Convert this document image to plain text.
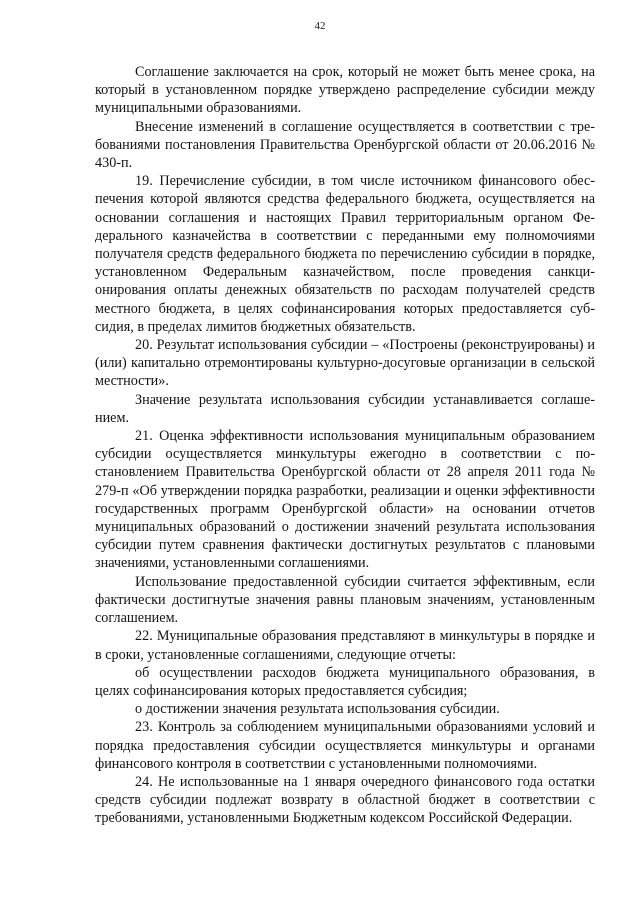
42

Соглашение заключается на срок, который не может быть менее срока, на который в установленном порядке утверждено распределение субсидии между муниципальными образованиями.

Внесение изменений в соглашение осуществляется в соответствии с требованиями постановления Правительства Оренбургской области от 20.06.2016 № 430-п.

19. Перечисление субсидии, в том числе источником финансового обеспечения которой являются средства федерального бюджета, осуществляется на основании соглашения и настоящих Правил территориальным органом Федерального казначейства в соответствии с переданными ему полномочиями получателя средств федерального бюджета по перечислению субсидии в порядке, установленном Федеральным казначейством, после проведения санкционирования оплаты денежных обязательств по расходам получателей средств местного бюджета, в целях софинансирования которых предоставляется субсидия, в пределах лимитов бюджетных обязательств.

20. Результат использования субсидии – «Построены (реконструированы) и (или) капитально отремонтированы культурно-досуговые организации в сельской местности».

Значение результата использования субсидии устанавливается соглашением.

21. Оценка эффективности использования муниципальным образованием субсидии осуществляется минкультуры ежегодно в соответствии с постановлением Правительства Оренбургской области от 28 апреля 2011 года № 279-п «Об утверждении порядка разработки, реализации и оценки эффективности государственных программ Оренбургской области» на основании отчетов муниципальных образований о достижении значений результата использования субсидии путем сравнения фактически достигнутых результатов с плановыми значениями, установленными соглашениями.

Использование предоставленной субсидии считается эффективным, если фактически достигнутые значения равны плановым значениям, установленным соглашением.

22. Муниципальные образования представляют в минкультуры в порядке и в сроки, установленные соглашениями, следующие отчеты:

об осуществлении расходов бюджета муниципального образования, в целях софинансирования которых предоставляется субсидия;

о достижении значения результата использования субсидии.

23. Контроль за соблюдением муниципальными образованиями условий и порядка предоставления субсидии осуществляется минкультуры и органами финансового контроля в соответствии с установленными полномочиями.

24. Не использованные на 1 января очередного финансового года остатки средств субсидии подлежат возврату в областной бюджет в соответствии с требованиями, установленными Бюджетным кодексом Российской Федерации.
